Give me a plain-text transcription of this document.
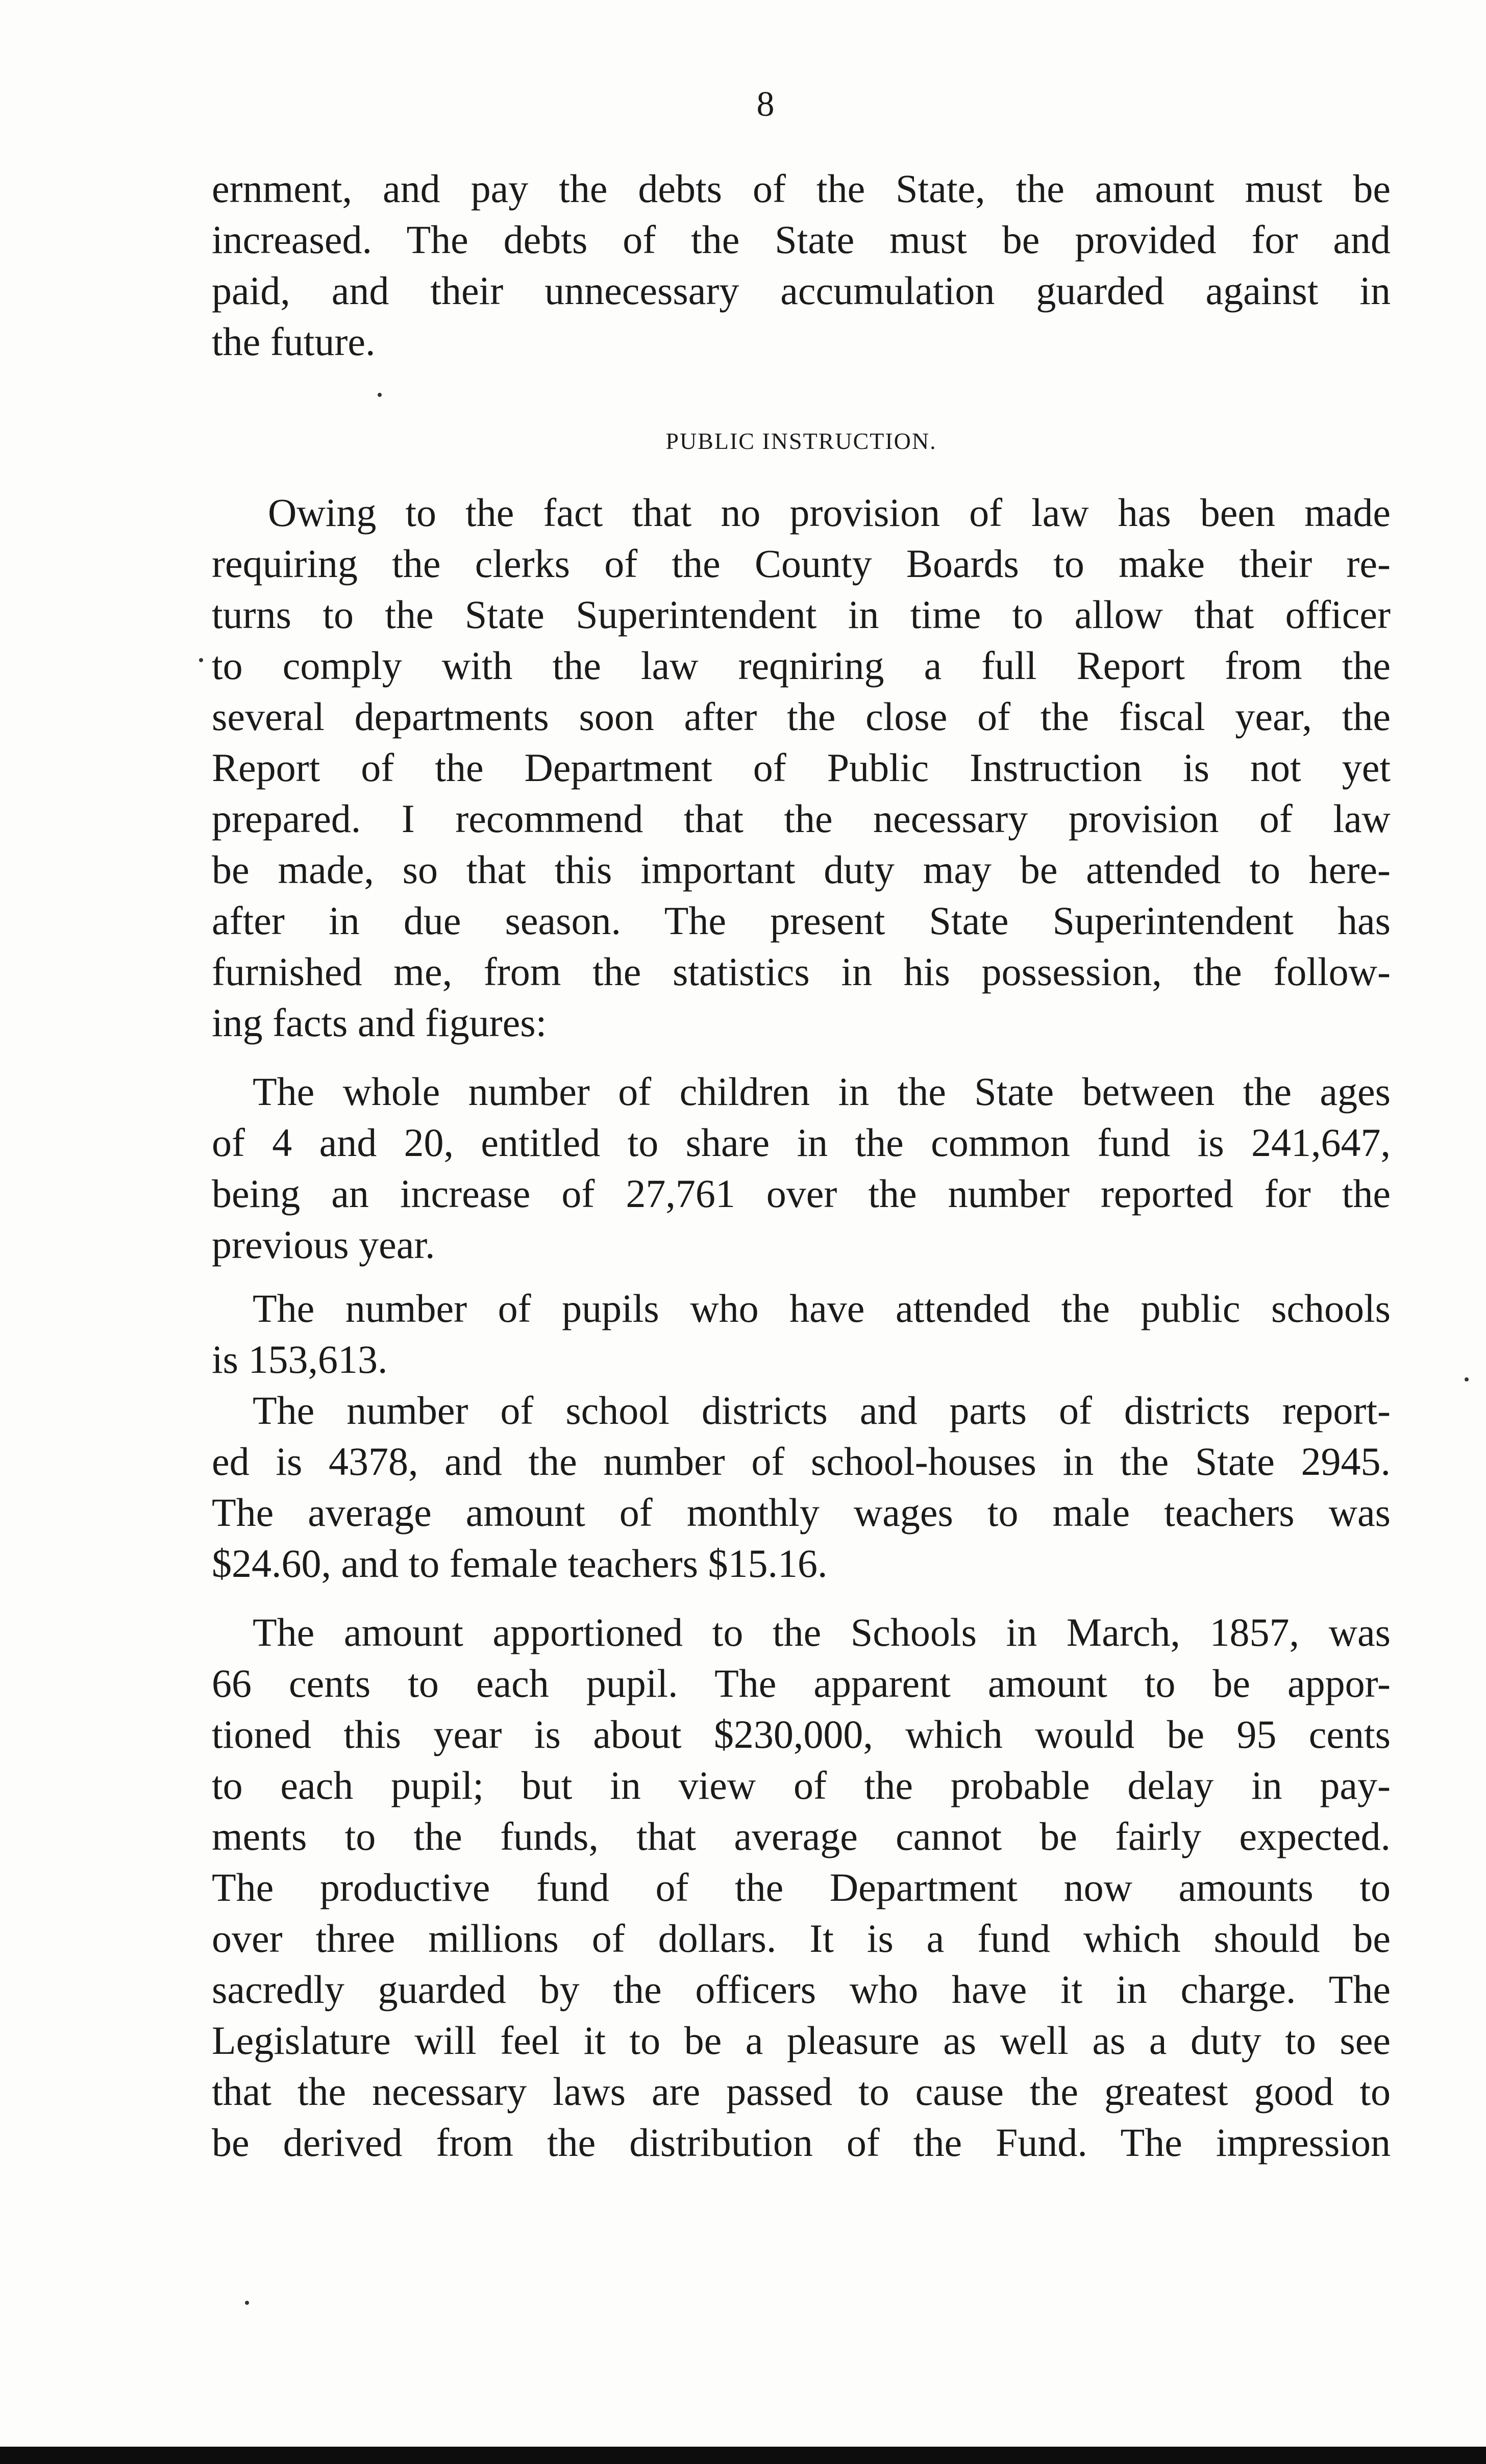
8
ernment, and pay the debts of the State, the amount must be
increased. The debts of the State must be provided for and
paid, and their unnecessary accumulation guarded against in
the future.
PUBLIC INSTRUCTION.
Owing to the fact that no provision of law has been made
requiring the clerks of the County Boards to make their re-
turns to the State Superintendent in time to allow that officer
to comply with the law reqniring a full Report from the
several departments soon after the close of the fiscal year, the
Report of the Department of Public Instruction is not yet
prepared. I recommend that the necessary provision of law
be made, so that this important duty may be attended to here-
after in due season. The present State Superintendent has
furnished me, from the statistics in his possession, the follow-
ing facts and figures:
The whole number of children in the State between the ages
of 4 and 20, entitled to share in the common fund is 241,647,
being an increase of 27,761 over the number reported for the
previous year.
The number of pupils who have attended the public schools
is 153,613.
The number of school districts and parts of districts report-
ed is 4378, and the number of school-houses in the State 2945.
The average amount of monthly wages to male teachers was
$24.60, and to female teachers $15.16.
The amount apportioned to the Schools in March, 1857, was
66 cents to each pupil. The apparent amount to be appor-
tioned this year is about $230,000, which would be 95 cents
to each pupil; but in view of the probable delay in pay-
ments to the funds, that average cannot be fairly expected.
The productive fund of the Department now amounts to
over three millions of dollars. It is a fund which should be
sacredly guarded by the officers who have it in charge. The
Legislature will feel it to be a pleasure as well as a duty to see
that the necessary laws are passed to cause the greatest good to
be derived from the distribution of the Fund. The impression
